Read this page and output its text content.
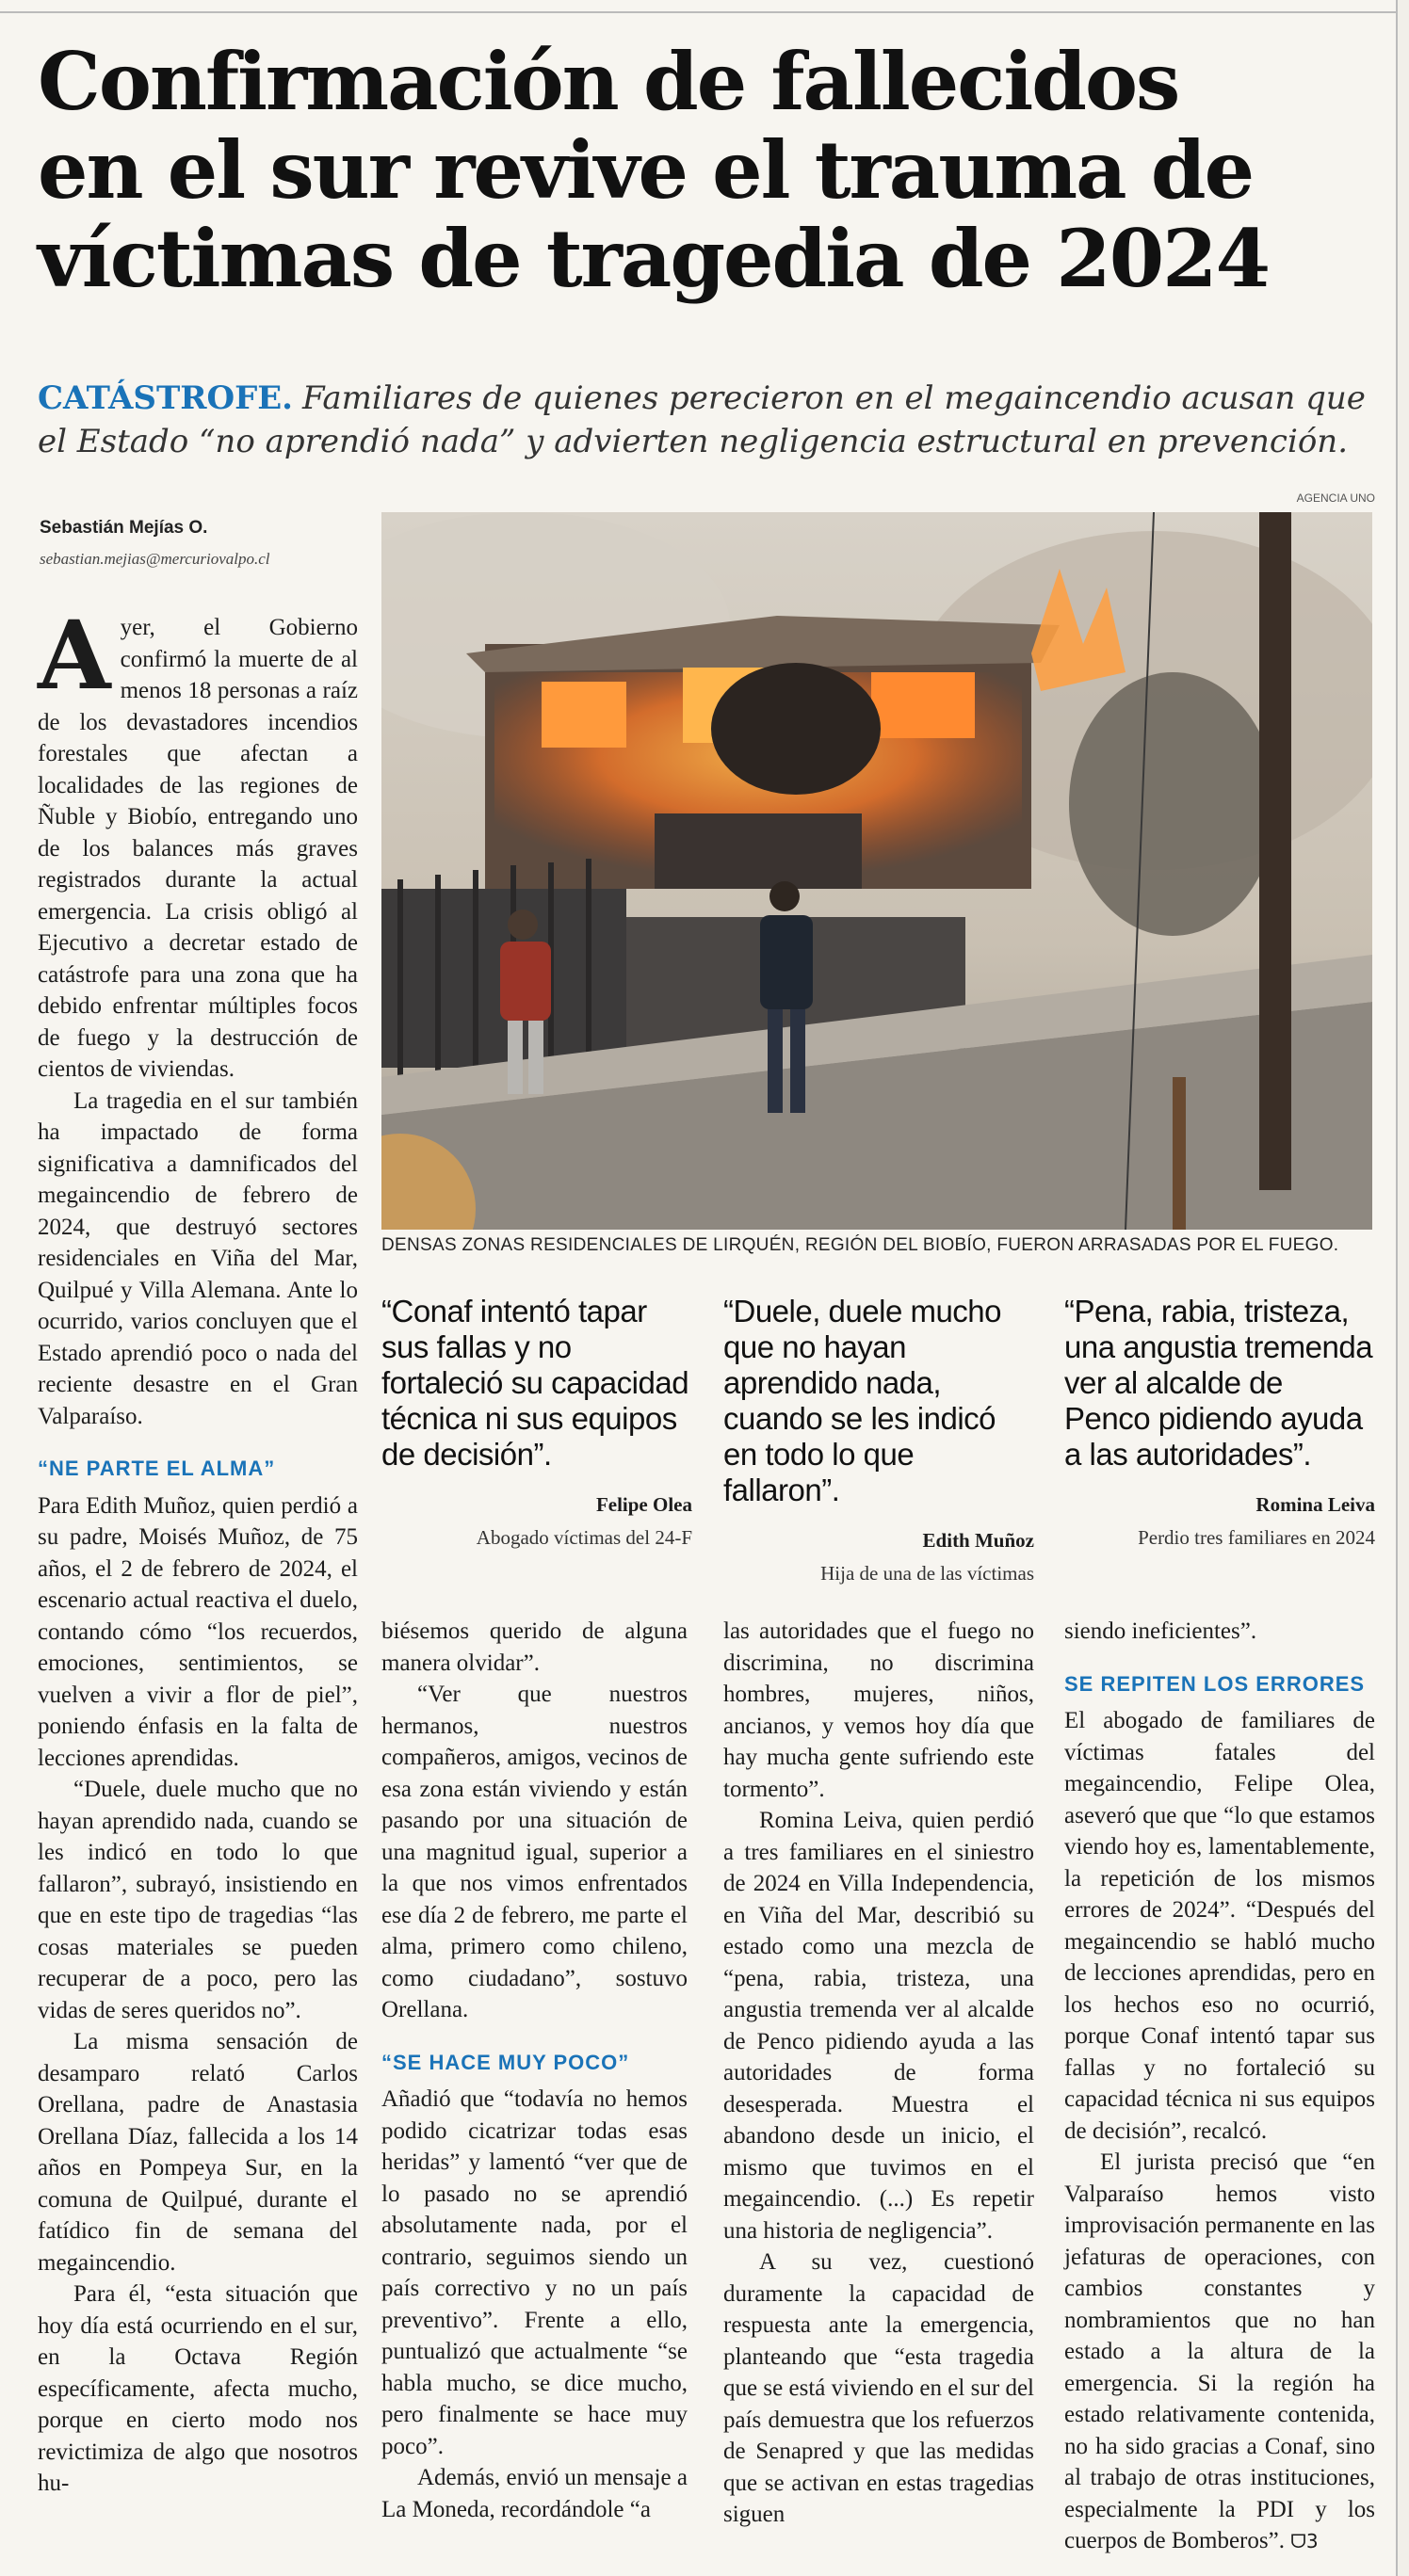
Confirmación de fallecidos
en el sur revive el trauma de
víctimas de tragedia de 2024
CATÁSTROFE. Familiares de quienes perecieron en el megaincendio acusan que el Estado “no aprendió nada” y advierten negligencia estructural en prevención.
Sebastián Mejías O.
sebastian.mejias@mercuriovalpo.cl
AGENCIA UNO
DENSAS ZONAS RESIDENCIALES DE LIRQUÉN, REGIÓN DEL BIOBÍO, FUERON ARRASADAS POR EL FUEGO.

Ayer, el Gobierno confirmó la muerte de al menos 18 personas a raíz de los devastadores incendios forestales que afectan a localidades de las regiones de Ñuble y Biobío, entregando uno de los balances más graves registrados durante la actual emergencia. La crisis obligó al Ejecutivo a decretar estado de catástrofe para una zona que ha debido enfrentar múltiples focos de fuego y la destrucción de cientos de viviendas.

La tragedia en el sur también ha impactado de forma significativa a damnificados del megaincendio de febrero de 2024, que destruyó sectores residenciales en Viña del Mar, Quilpué y Villa Alemana. Ante lo ocurrido, varios concluyen que el Estado aprendió poco o nada del reciente desastre en el Gran Valparaíso.

“NE PARTE EL ALMA”

Para Edith Muñoz, quien perdió a su padre, Moisés Muñoz, de 75 años, el 2 de febrero de 2024, el escenario actual reactiva el duelo, contando cómo “los recuerdos, emociones, sentimientos, se vuelven a vivir a flor de piel”, poniendo énfasis en la falta de lecciones aprendidas.

“Duele, duele mucho que no hayan aprendido nada, cuando se les indicó en todo lo que fallaron”, subrayó, insistiendo en que en este tipo de tragedias “las cosas materiales se pueden recuperar de a poco, pero las vidas de seres queridos no”.

La misma sensación de desamparo relató Carlos Orellana, padre de Anastasia Orellana Díaz, fallecida a los 14 años en Pompeya Sur, en la comuna de Quilpué, durante el fatídico fin de semana del megaincendio.

Para él, “esta situación que hoy día está ocurriendo en el sur, en la Octava Región específicamente, afecta mucho, porque en cierto modo nos revictimiza de algo que nosotros hu-

“Conaf intentó tapar sus fallas y no fortaleció su capacidad técnica ni sus equipos de decisión”.
Felipe Olea
Abogado víctimas del 24-F
“Duele, duele mucho que no hayan aprendido nada, cuando se les indicó en todo lo que fallaron”.
Edith Muñoz
Hija de una de las víctimas
“Pena, rabia, tristeza, una angustia tremenda ver al alcalde de Penco pidiendo ayuda a las autoridades”.
Romina Leiva
Perdio tres familiares en 2024

biésemos querido de alguna manera olvidar”.

“Ver que nuestros hermanos, nuestros compañeros, amigos, vecinos de esa zona están viviendo y están pasando por una situación de una magnitud igual, superior a la que nos vimos enfrentados ese día 2 de febrero, me parte el alma, primero como chileno, como ciudadano”, sostuvo Orellana.

“SE HACE MUY POCO”

Añadió que “todavía no hemos podido cicatrizar todas esas heridas” y lamentó “ver que de lo pasado no se aprendió absolutamente nada, por el contrario, seguimos siendo un país correctivo y no un país preventivo”. Frente a ello, puntualizó que actualmente “se habla mucho, se dice mucho, pero finalmente se hace muy poco”.

Además, envió un mensaje a La Moneda, recordándole “a

las autoridades que el fuego no discrimina, no discrimina hombres, mujeres, niños, ancianos, y vemos hoy día que hay mucha gente sufriendo este tormento”.

Romina Leiva, quien perdió a tres familiares en el siniestro de 2024 en Villa Independencia, en Viña del Mar, describió su estado como una mezcla de “pena, rabia, tristeza, una angustia tremenda ver al alcalde de Penco pidiendo ayuda a las autoridades de forma desesperada. Muestra el abandono desde un inicio, el mismo que tuvimos en el megaincendio. (...) Es repetir una historia de negligencia”.

A su vez, cuestionó duramente la capacidad de respuesta ante la emergencia, planteando que “esta tragedia que se está viviendo en el sur del país demuestra que los refuerzos de Senapred y que las medidas que se activan en estas tragedias siguen

siendo ineficientes”.

SE REPITEN LOS ERRORES

El abogado de familiares de víctimas fatales del megaincendio, Felipe Olea, aseveró que que “lo que estamos viendo hoy es, lamentablemente, la repetición de los mismos errores de 2024”. “Después del megaincendio se habló mucho de lecciones aprendidas, pero en los hechos eso no ocurrió, porque Conaf intentó tapar sus fallas y no fortaleció su capacidad técnica ni sus equipos de decisión”, recalcó.

El jurista precisó que “en Valparaíso hemos visto improvisación permanente en las jefaturas de operaciones, con cambios constantes y nombramientos que no han estado a la altura de la emergencia. Si la región ha estado relativamente contenida, no ha sido gracias a Conaf, sino al trabajo de otras instituciones, especialmente la PDI y los cuerpos de Bomberos”. ᗜ3
